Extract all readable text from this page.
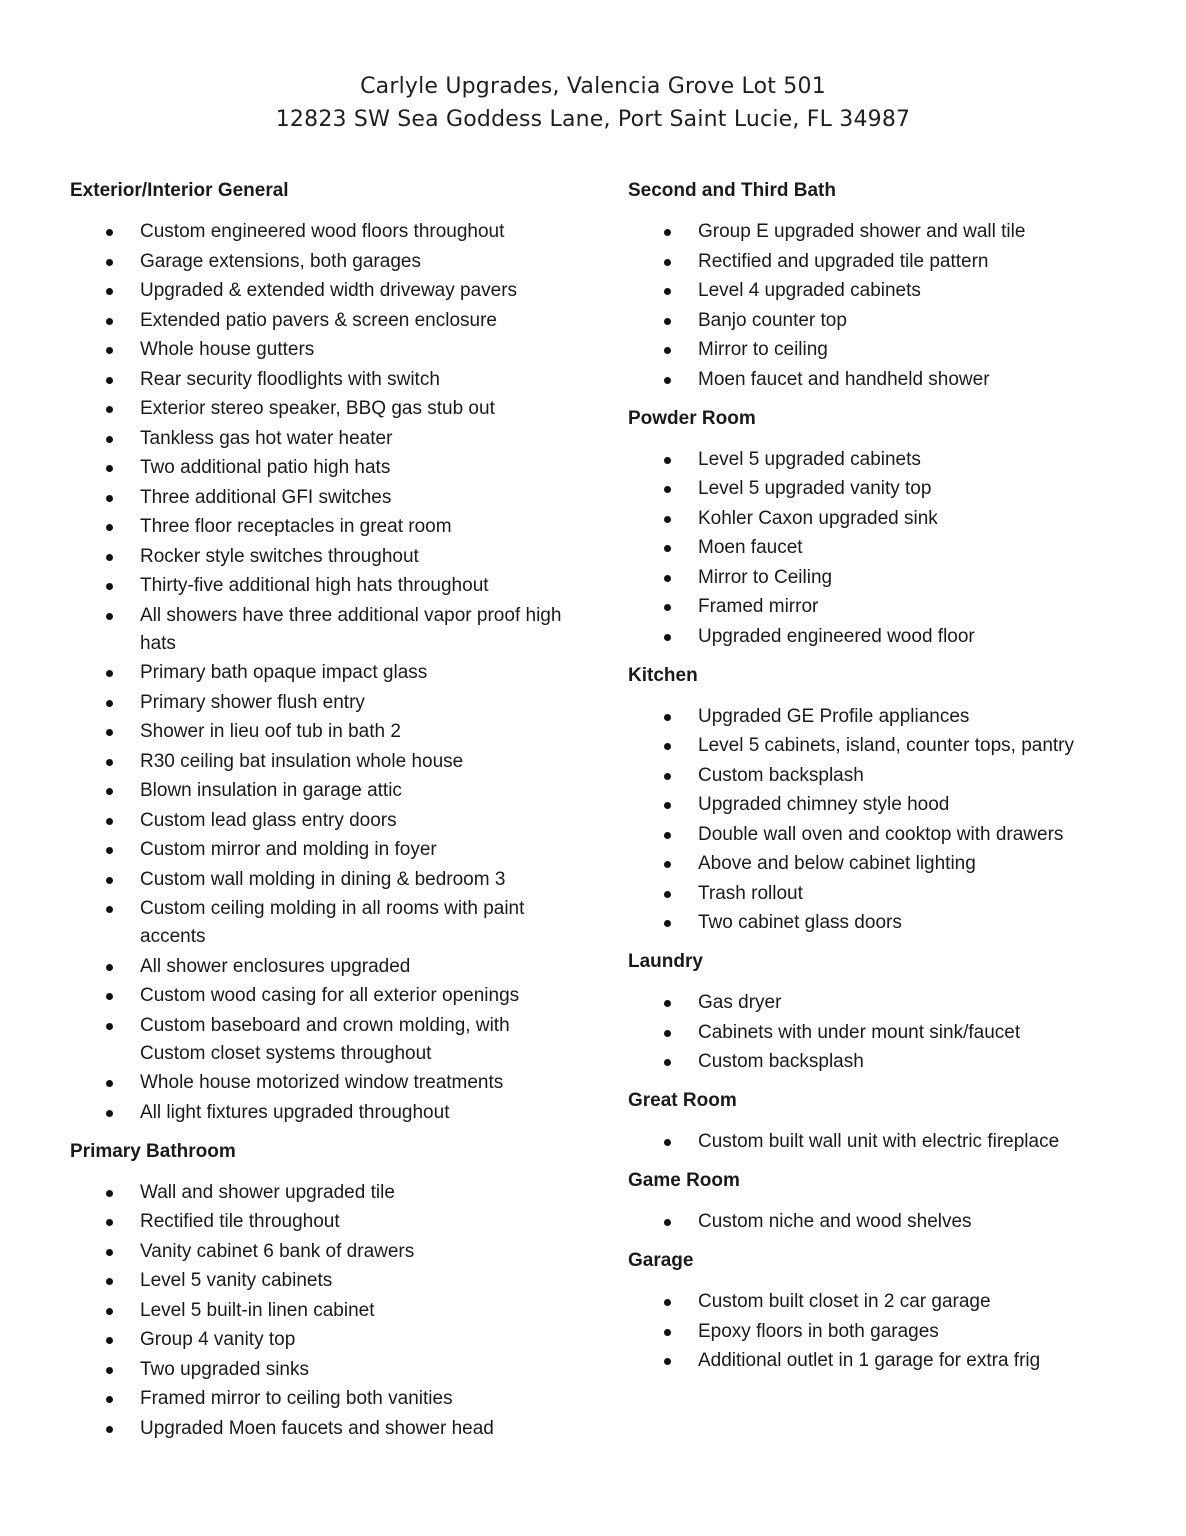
Carlyle Upgrades, Valencia Grove Lot 501
12823 SW Sea Goddess Lane, Port Saint Lucie, FL 34987
Exterior/Interior General
Custom engineered wood floors throughout
Garage extensions, both garages
Upgraded & extended width driveway pavers
Extended patio pavers & screen enclosure
Whole house gutters
Rear security floodlights with switch
Exterior stereo speaker, BBQ gas stub out
Tankless gas hot water heater
Two additional patio high hats
Three additional GFI switches
Three floor receptacles in great room
Rocker style switches throughout
Thirty-five additional high hats throughout
All showers have three additional vapor proof high hats
Primary bath opaque impact glass
Primary shower flush entry
Shower in lieu oof tub in bath 2
R30 ceiling bat insulation whole house
Blown insulation in garage attic
Custom lead glass entry doors
Custom mirror and molding in foyer
Custom wall molding in dining & bedroom 3
Custom ceiling molding in all rooms with paint accents
All shower enclosures upgraded
Custom wood casing for all exterior openings
Custom baseboard and crown molding, with Custom closet systems throughout
Whole house motorized window treatments
All light fixtures upgraded throughout
Primary Bathroom
Wall and shower upgraded tile
Rectified tile throughout
Vanity cabinet 6 bank of drawers
Level 5 vanity cabinets
Level 5 built-in linen cabinet
Group 4 vanity top
Two upgraded sinks
Framed mirror to ceiling both vanities
Upgraded Moen faucets and shower head
Second and Third Bath
Group E upgraded shower and wall tile
Rectified and upgraded tile pattern
Level 4 upgraded cabinets
Banjo counter top
Mirror to ceiling
Moen faucet and handheld shower
Powder Room
Level 5 upgraded cabinets
Level 5 upgraded vanity top
Kohler Caxon upgraded sink
Moen faucet
Mirror to Ceiling
Framed mirror
Upgraded engineered wood floor
Kitchen
Upgraded GE Profile appliances
Level 5 cabinets, island, counter tops, pantry
Custom backsplash
Upgraded chimney style hood
Double wall oven and cooktop with drawers
Above and below cabinet lighting
Trash rollout
Two cabinet glass doors
Laundry
Gas dryer
Cabinets with under mount sink/faucet
Custom backsplash
Great Room
Custom built wall unit with electric fireplace
Game Room
Custom niche and wood shelves
Garage
Custom built closet in 2 car garage
Epoxy floors in both garages
Additional outlet in 1 garage for extra frig
